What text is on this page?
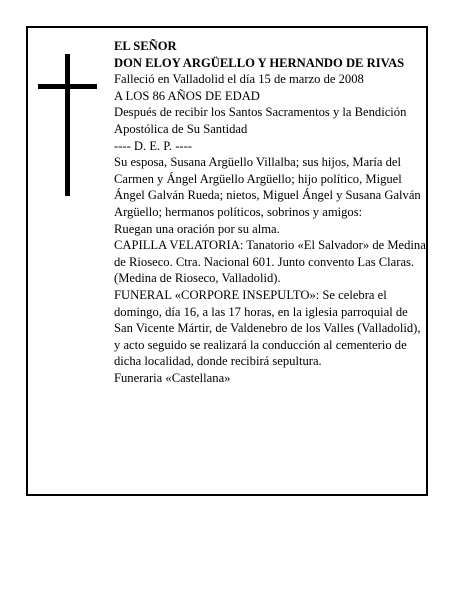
EL SEÑOR

DON ELOY ARGÜELLO Y HERNANDO DE RIVAS

Falleció en Valladolid el día 15 de marzo de 2008

A LOS 86 AÑOS DE EDAD

Después de recibir los Santos Sacramentos y la Bendición Apostólica de Su Santidad

---- D. E. P. ----

Su esposa, Susana Argüello Villalba; sus hijos, María del Carmen y Ángel Argüello Argüello; hijo político, Miguel Ángel Galván Rueda; nietos, Miguel Ángel y Susana Galván Argüello; hermanos políticos, sobrinos y amigos:

Ruegan una oración por su alma.

CAPILLA VELATORIA: Tanatorio «El Salvador» de Medina de Rioseco. Ctra. Nacional 601. Junto convento Las Claras. (Medina de Rioseco, Valladolid).

FUNERAL «CORPORE INSEPULTO»: Se celebra el domingo, día 16, a las 17 horas, en la iglesia parroquial de San Vicente Mártir, de Valdenebro de los Valles (Valladolid), y acto seguido se realizará la conducción al cementerio de dicha localidad, donde recibirá sepultura.

Funeraria «Castellana»
